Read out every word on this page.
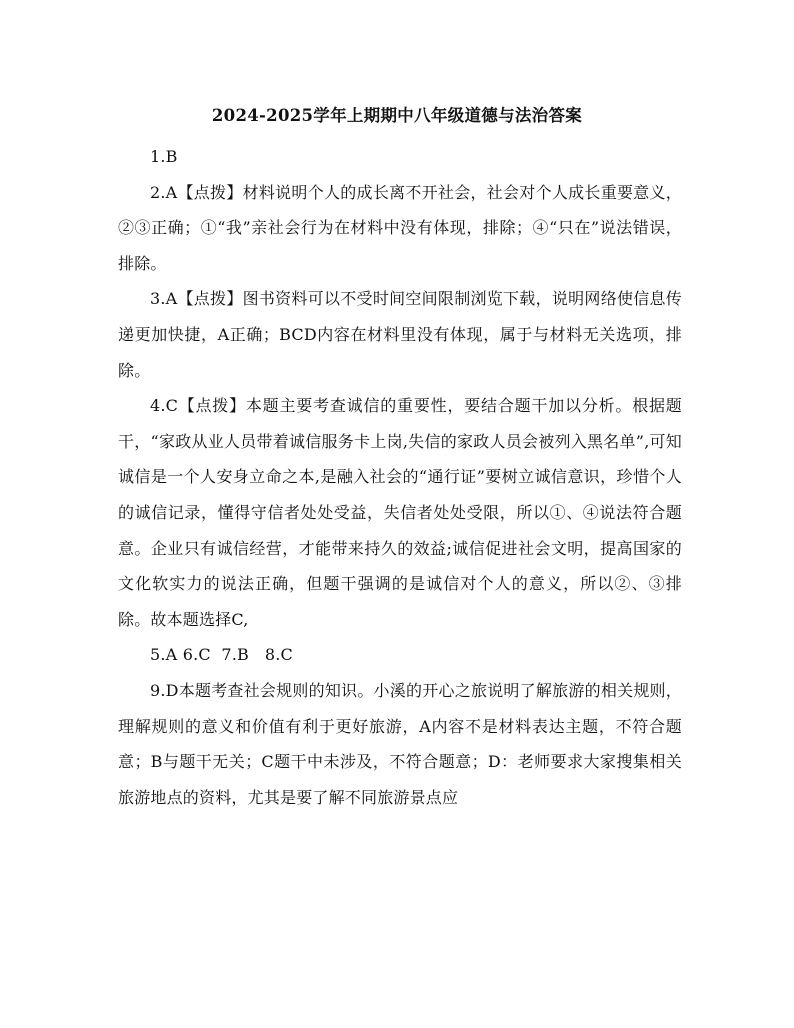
2024-2025学年上期期中八年级道德与法治答案

1.B

2.A【点拨】材料说明个人的成长离不开社会，社会对个人成长重要意义，②③正确；①“我”亲社会行为在材料中没有体现，排除；④“只在”说法错误，排除。

3.A【点拨】图书资料可以不受时间空间限制浏览下载，说明网络使信息传递更加快捷，A正确；BCD内容在材料里没有体现，属于与材料无关选项，排除。

4.C【点拨】本题主要考查诚信的重要性，要结合题干加以分析。根据题干，“家政从业人员带着诚信服务卡上岗,失信的家政人员会被列入黑名单”,可知诚信是一个人安身立命之本,是融入社会的“通行证”要树立诚信意识，珍惜个人的诚信记录，懂得守信者处处受益，失信者处处受限，所以①、④说法符合题意。企业只有诚信经营，才能带来持久的效益;诚信促进社会文明，提高国家的文化软实力的说法正确，但题干强调的是诚信对个人的意义，所以②、③排除。故本题选择C,

5.A 6.C  7.B   8.C

9.D本题考查社会规则的知识。小溪的开心之旅说明了解旅游的相关规则，理解规则的意义和价值有利于更好旅游，A内容不是材料表达主题，不符合题意；B与题干无关；C题干中未涉及，不符合题意；D：老师要求大家搜集相关旅游地点的资料，尤其是要了解不同旅游景点应
